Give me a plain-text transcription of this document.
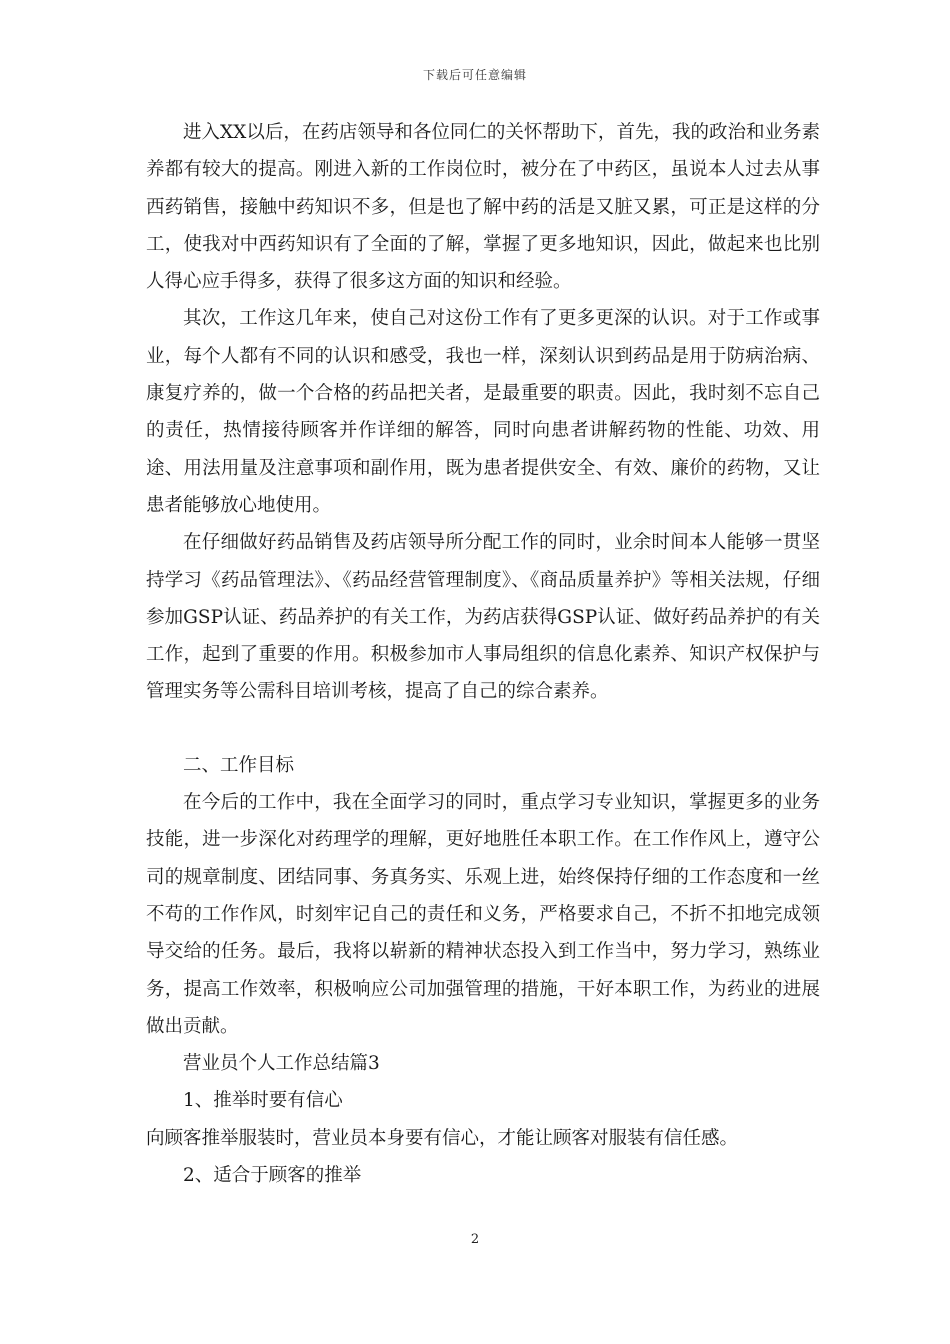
下载后可任意编辑

进入XX以后，在药店领导和各位同仁的关怀帮助下，首先，我的政治和业务素养都有较大的提高。刚进入新的工作岗位时，被分在了中药区，虽说本人过去从事西药销售，接触中药知识不多，但是也了解中药的活是又脏又累，可正是这样的分工，使我对中西药知识有了全面的了解，掌握了更多地知识，因此，做起来也比别人得心应手得多，获得了很多这方面的知识和经验。

其次，工作这几年来，使自己对这份工作有了更多更深的认识。对于工作或事业，每个人都有不同的认识和感受，我也一样，深刻认识到药品是用于防病治病、康复疗养的，做一个合格的药品把关者，是最重要的职责。因此，我时刻不忘自己的责任，热情接待顾客并作详细的解答，同时向患者讲解药物的性能、功效、用途、用法用量及注意事项和副作用，既为患者提供安全、有效、廉价的药物，又让患者能够放心地使用。

在仔细做好药品销售及药店领导所分配工作的同时，业余时间本人能够一贯坚持学习《药品管理法》、《药品经营管理制度》、《商品质量养护》等相关法规，仔细参加GSP认证、药品养护的有关工作，为药店获得GSP认证、做好药品养护的有关工作，起到了重要的作用。积极参加市人事局组织的信息化素养、知识产权保护与管理实务等公需科目培训考核，提高了自己的综合素养。

二、工作目标

在今后的工作中，我在全面学习的同时，重点学习专业知识，掌握更多的业务技能，进一步深化对药理学的理解，更好地胜任本职工作。在工作作风上，遵守公司的规章制度、团结同事、务真务实、乐观上进，始终保持仔细的工作态度和一丝不苟的工作作风，时刻牢记自己的责任和义务，严格要求自己，不折不扣地完成领导交给的任务。最后，我将以崭新的精神状态投入到工作当中，努力学习，熟练业务，提高工作效率，积极响应公司加强管理的措施，干好本职工作，为药业的进展做出贡献。

营业员个人工作总结篇3

1、推举时要有信心

向顾客推举服装时，营业员本身要有信心，才能让顾客对服装有信任感。

2、适合于顾客的推举

2
